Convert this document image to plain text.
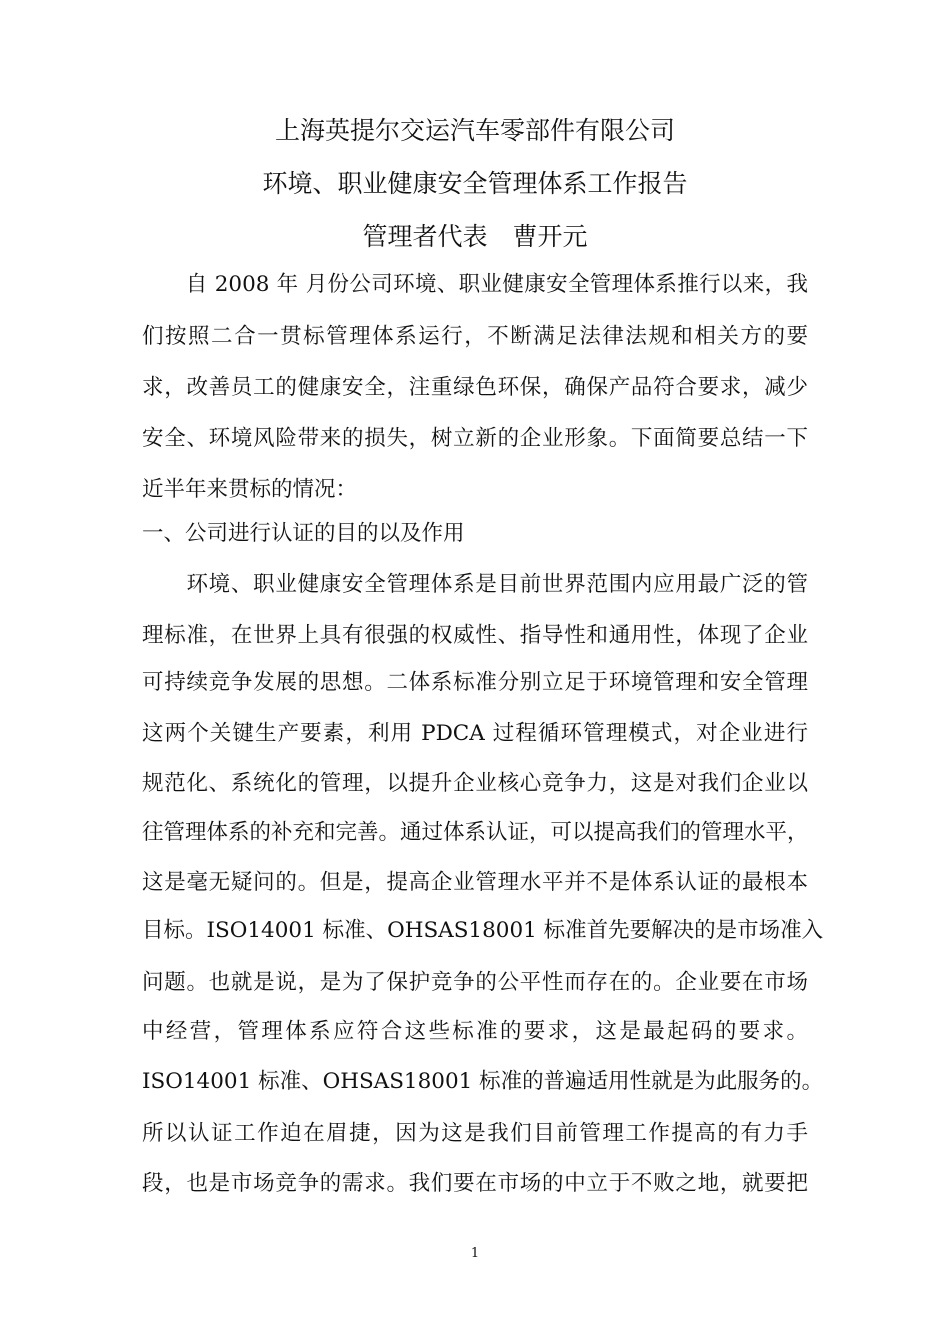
上海英提尔交运汽车零部件有限公司
环境、职业健康安全管理体系工作报告
管理者代表　曹开元
　　自 2008 年 月份公司环境、职业健康安全管理体系推行以来，我
们按照二合一贯标管理体系运行，不断满足法律法规和相关方的要
求，改善员工的健康安全，注重绿色环保，确保产品符合要求，减少
安全、环境风险带来的损失，树立新的企业形象。下面简要总结一下
近半年来贯标的情况：
一、公司进行认证的目的以及作用
　　环境、职业健康安全管理体系是目前世界范围内应用最广泛的管
理标准，在世界上具有很强的权威性、指导性和通用性，体现了企业
可持续竞争发展的思想。二体系标准分别立足于环境管理和安全管理
这两个关键生产要素，利用 PDCA 过程循环管理模式，对企业进行
规范化、系统化的管理，以提升企业核心竞争力，这是对我们企业以
往管理体系的补充和完善。通过体系认证，可以提高我们的管理水平，
这是毫无疑问的。但是，提高企业管理水平并不是体系认证的最根本
目标。ISO14001 标准、OHSAS18001 标准首先要解决的是市场准入
问题。也就是说，是为了保护竞争的公平性而存在的。企业要在市场
中经营，管理体系应符合这些标准的要求，这是最起码的要求。
ISO14001 标准、OHSAS18001 标准的普遍适用性就是为此服务的。
所以认证工作迫在眉捷，因为这是我们目前管理工作提高的有力手
段，也是市场竞争的需求。我们要在市场的中立于不败之地，就要把
1
